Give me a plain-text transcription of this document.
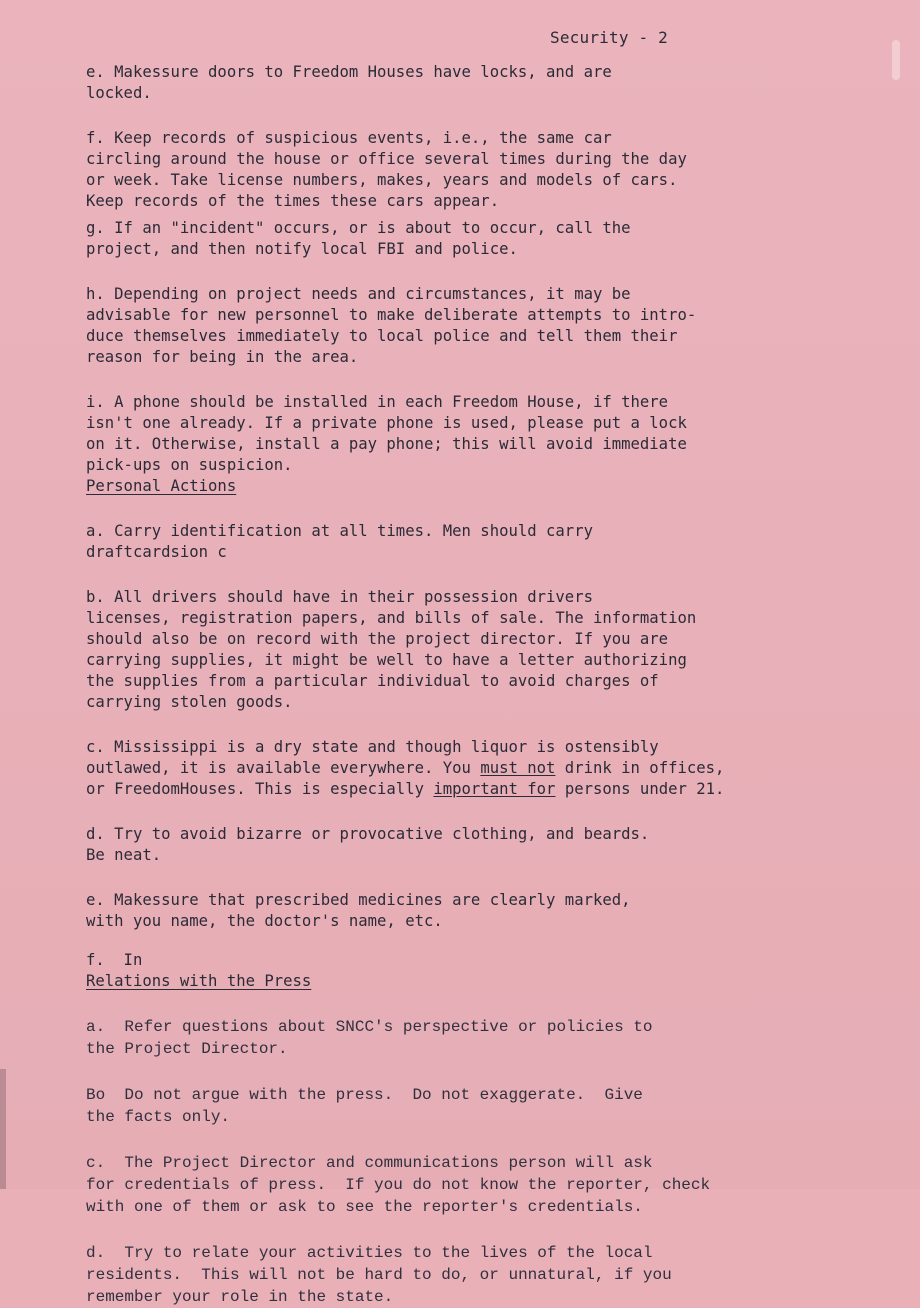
Security - 2

e. Makessure doors to Freedom Houses have locks, and are
locked.

f. Keep records of suspicious events, i.e., the same car
circling around the house or office several times during the day
or week. Take license numbers, makes, years and models of cars.
Keep records of the times these cars appear.

g. If an "incident" occurs, or is about to occur, call the
project, and then notify local FBI and police.

h. Depending on project needs and circumstances, it may be
advisable for new personnel to make deliberate attempts to intro-
duce themselves immediately to local police and tell them their
reason for being in the area.

i. A phone should be installed in each Freedom House, if there
isn't one already. If a private phone is used, please put a lock
on it. Otherwise, install a pay phone; this will avoid immediate
pick-ups on suspicion.

Personal Actions

a. Carry identification at all times. Men should carry
draftcardsion c

b. All drivers should have in their possession drivers
licenses, registration papers, and bills of sale. The information
should also be on record with the project director. If you are
carrying supplies, it might be well to have a letter authorizing
the supplies from a particular individual to avoid charges of
carrying stolen goods.

c. Mississippi is a dry state and though liquor is ostensibly
outlawed, it is available everywhere. You must not drink in offices,
or FreedomHouses. This is especially important for persons under 21.

d. Try to avoid bizarre or provocative clothing, and beards.
Be neat.

e. Makessure that prescribed medicines are clearly marked,
with you name, the doctor's name, etc.

f.  In

Relations with the Press

a.  Refer questions about SNCC's perspective or policies to
the Project Director.

Bo  Do not argue with the press.  Do not exaggerate.  Give
the facts only.

c.  The Project Director and communications person will ask
for credentials of press.  If you do not know the reporter, check
with one of them or ask to see the reporter's credentials.

d.  Try to relate your activities to the lives of the local
residents.  This will not be hard to do, or unnatural, if you
remember your role in the state.
